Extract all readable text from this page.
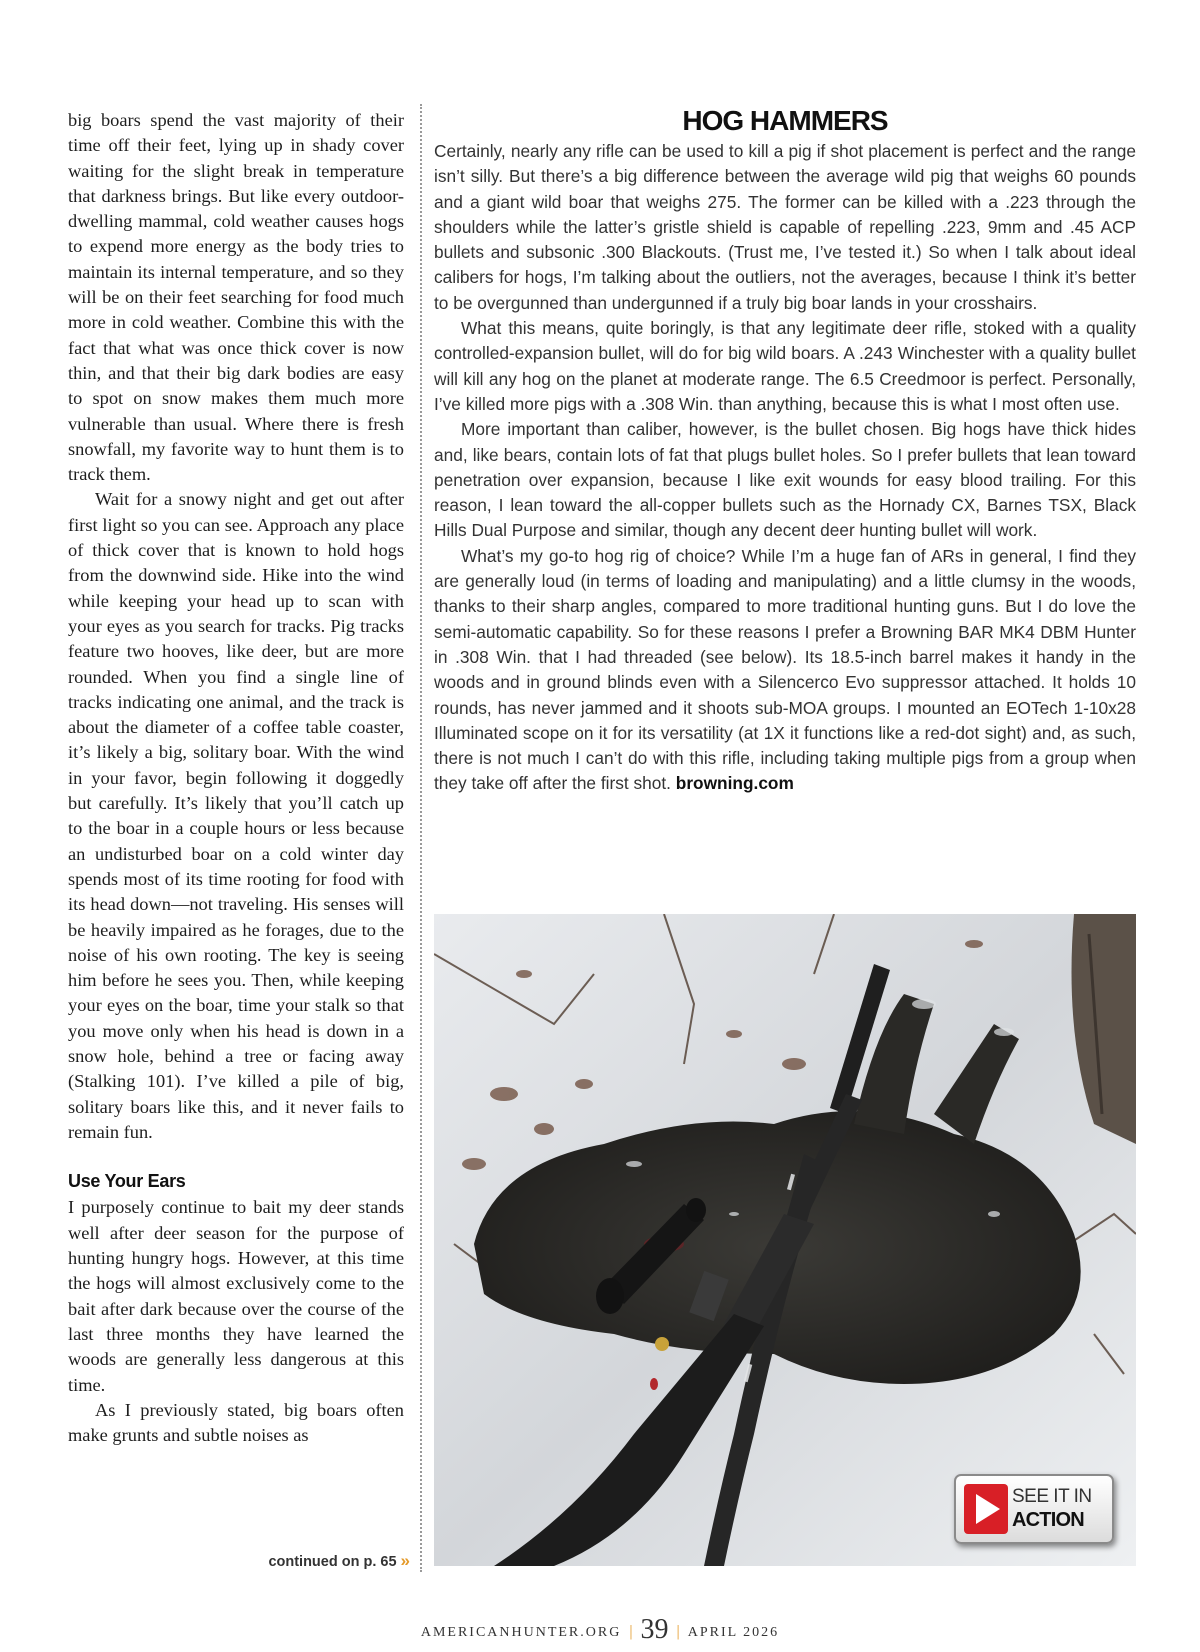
big boars spend the vast majority of their time off their feet, lying up in shady cover waiting for the slight break in temperature that darkness brings. But like every outdoor-dwelling mammal, cold weather causes hogs to expend more energy as the body tries to maintain its internal temperature, and so they will be on their feet searching for food much more in cold weather. Combine this with the fact that what was once thick cover is now thin, and that their big dark bodies are easy to spot on snow makes them much more vulnerable than usual. Where there is fresh snowfall, my favorite way to hunt them is to track them.

Wait for a snowy night and get out after first light so you can see. Approach any place of thick cover that is known to hold hogs from the downwind side. Hike into the wind while keeping your head up to scan with your eyes as you search for tracks. Pig tracks feature two hooves, like deer, but are more rounded. When you find a single line of tracks indicating one animal, and the track is about the diameter of a coffee table coaster, it’s likely a big, solitary boar. With the wind in your favor, begin following it doggedly but carefully. It’s likely that you’ll catch up to the boar in a couple hours or less because an undisturbed boar on a cold winter day spends most of its time rooting for food with its head down—not traveling. His senses will be heavily impaired as he forages, due to the noise of his own rooting. The key is seeing him before he sees you. Then, while keeping your eyes on the boar, time your stalk so that you move only when his head is down in a snow hole, behind a tree or facing away (Stalking 101). I’ve killed a pile of big, solitary boars like this, and it never fails to remain fun.

Use Your Ears

I purposely continue to bait my deer stands well after deer season for the purpose of hunting hungry hogs. However, at this time the hogs will almost exclusively come to the bait after dark because over the course of the last three months they have learned the woods are generally less dangerous at this time.

As I previously stated, big boars often make grunts and subtle noises as

continued on p. 65 »
HOG HAMMERS

Certainly, nearly any rifle can be used to kill a pig if shot placement is perfect and the range isn’t silly. But there’s a big difference between the average wild pig that weighs 60 pounds and a giant wild boar that weighs 275. The former can be killed with a .223 through the shoulders while the latter’s gristle shield is capable of repelling .223, 9mm and .45 ACP bullets and subsonic .300 Blackouts. (Trust me, I’ve tested it.) So when I talk about ideal calibers for hogs, I’m talking about the outliers, not the averages, because I think it’s better to be overgunned than undergunned if a truly big boar lands in your crosshairs.

What this means, quite boringly, is that any legitimate deer rifle, stoked with a quality controlled-expansion bullet, will do for big wild boars. A .243 Winchester with a quality bullet will kill any hog on the planet at moderate range. The 6.5 Creedmoor is perfect. Personally, I’ve killed more pigs with a .308 Win. than anything, because this is what I most often use.

More important than caliber, however, is the bullet chosen. Big hogs have thick hides and, like bears, contain lots of fat that plugs bullet holes. So I prefer bullets that lean toward penetration over expansion, because I like exit wounds for easy blood trailing. For this reason, I lean toward the all-copper bullets such as the Hornady CX, Barnes TSX, Black Hills Dual Purpose and similar, though any decent deer hunting bullet will work.

What’s my go-to hog rig of choice? While I’m a huge fan of ARs in general, I find they are generally loud (in terms of loading and manipulating) and a little clumsy in the woods, thanks to their sharp angles, compared to more traditional hunting guns. But I do love the semi-automatic capability. So for these reasons I prefer a Browning BAR MK4 DBM Hunter in .308 Win. that I had threaded (see below). Its 18.5-inch barrel makes it handy in the woods and in ground blinds even with a Silencerco Evo suppressor attached. It holds 10 rounds, has never jammed and it shoots sub-MOA groups. I mounted an EOTech 1-10x28 Illuminated scope on it for its versatility (at 1X it functions like a red-dot sight) and, as such, there is not much I can’t do with this rifle, including taking multiple pigs from a group when they take off after the first shot. browning.com

SEE IT IN
ACTION
AMERICANHUNTER.ORG | 39 | APRIL 2026
